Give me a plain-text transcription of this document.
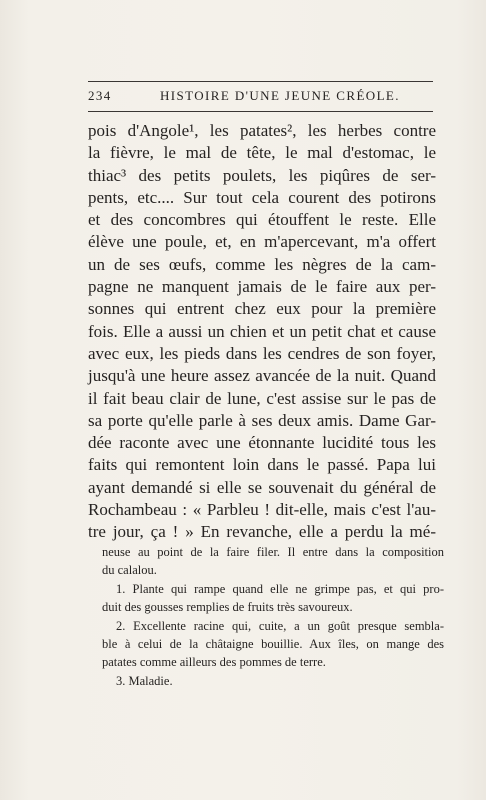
234	HISTOIRE D'UNE JEUNE CRÉOLE.
pois d'Angole¹, les patates², les herbes contre
la fièvre, le mal de tête, le mal d'estomac, le
thiac³ des petits poulets, les piqûres de ser-
pents, etc.... Sur tout cela courent des potirons
et des concombres qui étouffent le reste. Elle
élève une poule, et, en m'apercevant, m'a offert
un de ses œufs, comme les nègres de la cam-
pagne ne manquent jamais de le faire aux per-
sonnes qui entrent chez eux pour la première
fois. Elle a aussi un chien et un petit chat et cause
avec eux, les pieds dans les cendres de son foyer,
jusqu'à une heure assez avancée de la nuit. Quand
il fait beau clair de lune, c'est assise sur le pas de
sa porte qu'elle parle à ses deux amis. Dame Gar-
dée raconte avec une étonnante lucidité tous les
faits qui remontent loin dans le passé. Papa lui
ayant demandé si elle se souvenait du général de
Rochambeau : « Parbleu ! dit-elle, mais c'est l'au-
tre jour, ça ! » En revanche, elle a perdu la mé-
neuse au point de la faire filer. Il entre dans la composition
du calalou.
1. Plante qui rampe quand elle ne grimpe pas, et qui pro-
duit des gousses remplies de fruits très savoureux.
2. Excellente racine qui, cuite, a un goût presque sembla-
ble à celui de la châtaigne bouillie. Aux îles, on mange des
patates comme ailleurs des pommes de terre.
3. Maladie.
